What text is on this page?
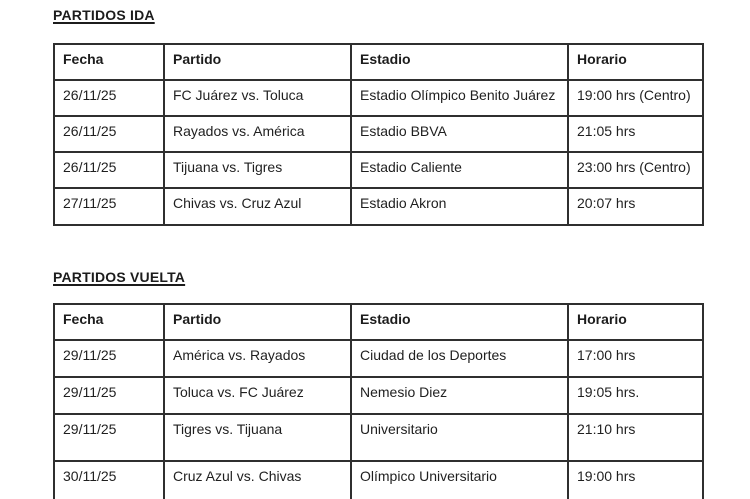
PARTIDOS IDA
Fecha	Partido	Estadio	Horario
26/11/25	FC Juárez vs. Toluca	Estadio Olímpico Benito Juárez	19:00 hrs (Centro)
26/11/25	Rayados vs. América	Estadio BBVA	21:05 hrs
26/11/25	Tijuana vs. Tigres	Estadio Caliente	23:00 hrs (Centro)
27/11/25	Chivas vs. Cruz Azul	Estadio Akron	20:07 hrs
PARTIDOS VUELTA
Fecha	Partido	Estadio	Horario
29/11/25	América vs. Rayados	Ciudad de los Deportes	17:00 hrs
29/11/25	Toluca vs. FC Juárez	Nemesio Diez	19:05 hrs.
29/11/25	Tigres vs. Tijuana	Universitario	21:10 hrs
30/11/25	Cruz Azul vs. Chivas	Olímpico Universitario	19:00 hrs
